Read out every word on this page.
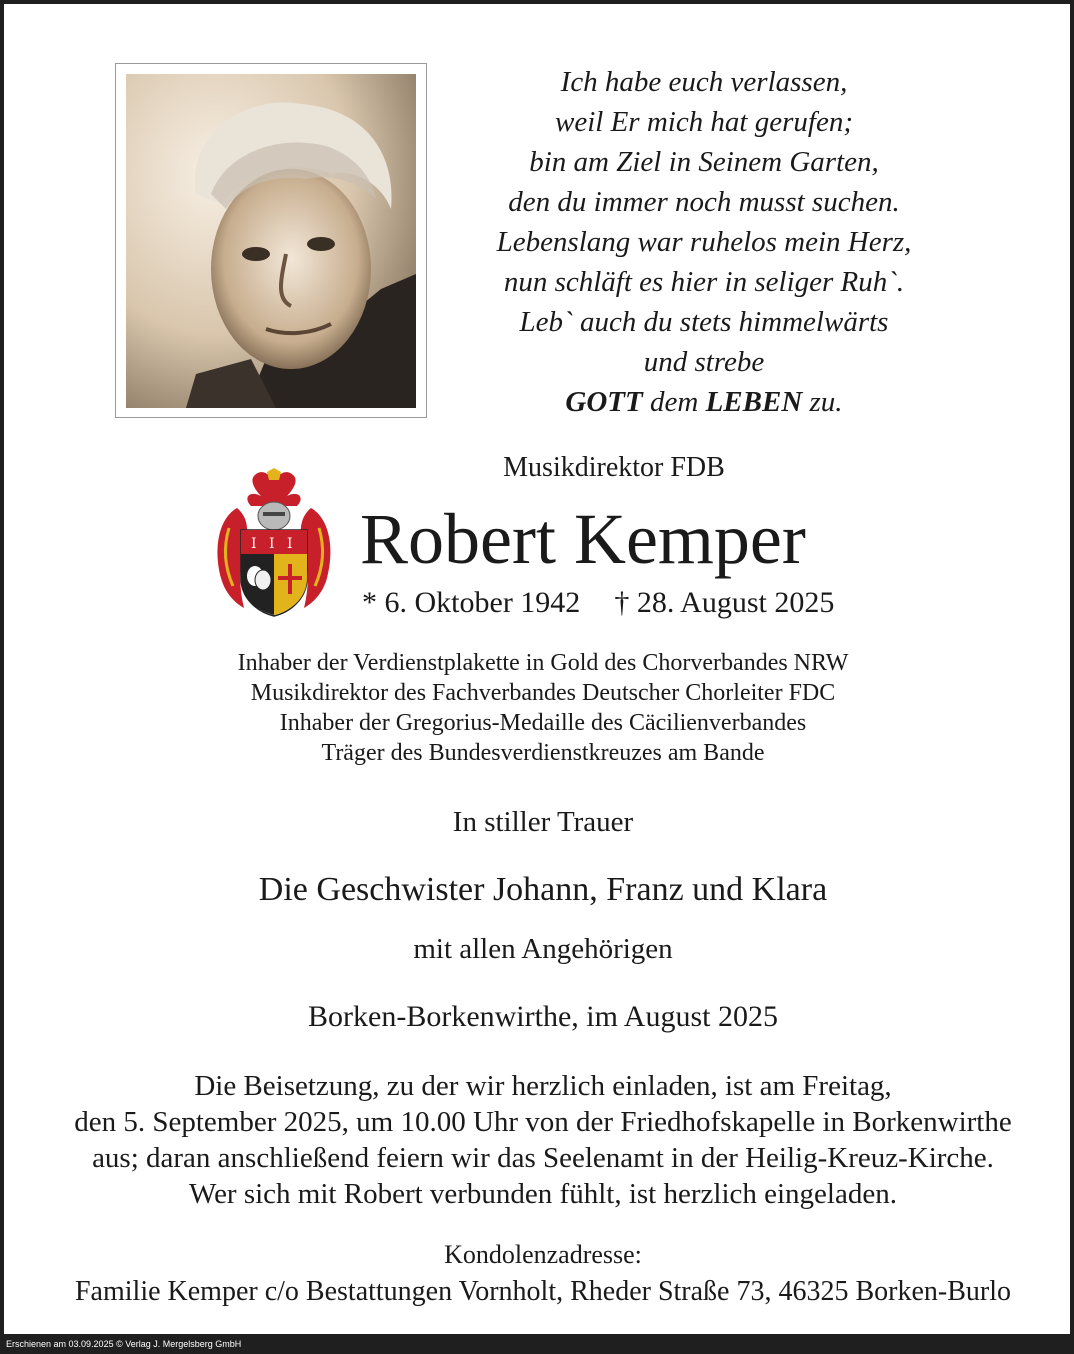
Ich habe euch verlassen,
weil Er mich hat gerufen;
bin am Ziel in Seinem Garten,
den du immer noch musst suchen.
Lebenslang war ruhelos mein Herz,
nun schläft es hier in seliger Ruh`.
Leb` auch du stets himmelwärts
und strebe
GOTT dem LEBEN zu.
Musikdirektor FDB
I I I Robert Kemper
* 6. Oktober 1942 † 28. August 2025
Inhaber der Verdienstplakette in Gold des Chorverbandes NRW
Musikdirektor des Fachverbandes Deutscher Chorleiter FDC
Inhaber der Gregorius-Medaille des Cäcilienverbandes
Träger des Bundesverdienstkreuzes am Bande
In stiller Trauer
Die Geschwister Johann, Franz und Klara
mit allen Angehörigen
Borken-Borkenwirthe, im August 2025
Die Beisetzung, zu der wir herzlich einladen, ist am Freitag,
den 5. September 2025, um 10.00 Uhr von der Friedhofskapelle in Borkenwirthe
aus; daran anschließend feiern wir das Seelenamt in der Heilig-Kreuz-Kirche.
Wer sich mit Robert verbunden fühlt, ist herzlich eingeladen.
Kondolenzadresse:
Familie Kemper c/o Bestattungen Vornholt, Rheder Straße 73, 46325 Borken-Burlo
Erschienen am 03.09.2025 © Verlag J. Mergelsberg GmbH
